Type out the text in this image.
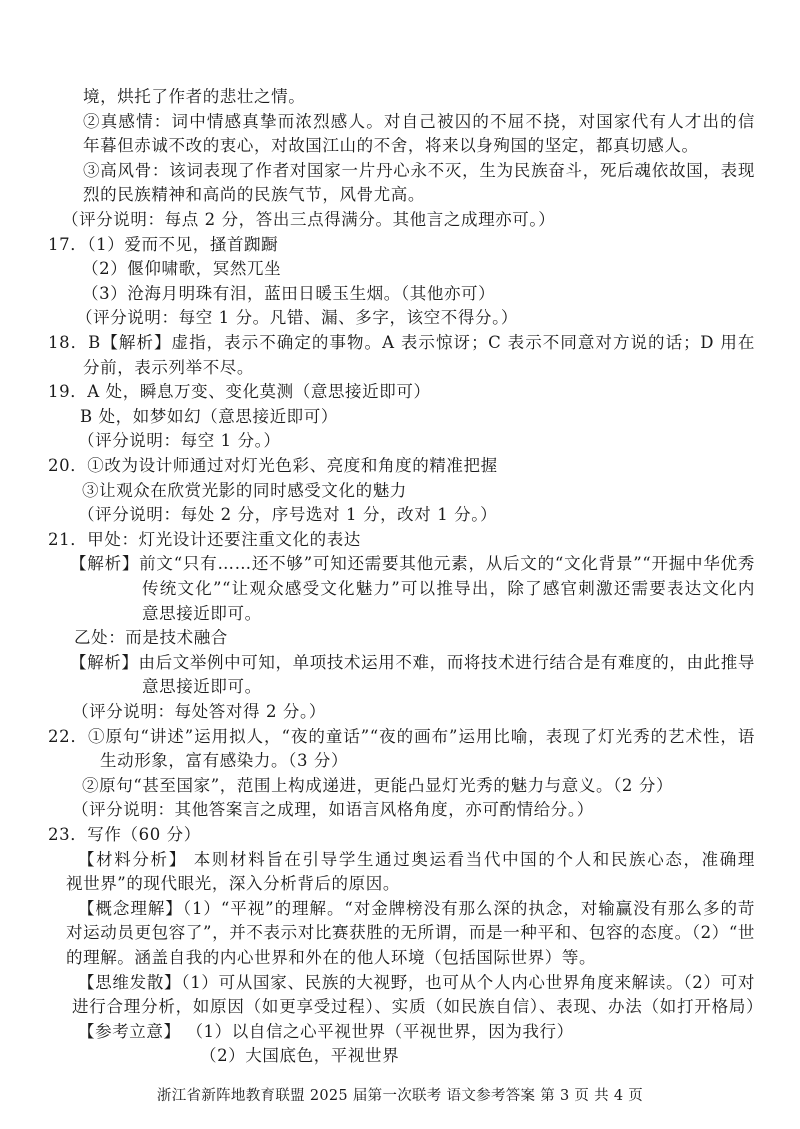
境，烘托了作者的悲壮之情。
②真感情：词中情感真挚而浓烈感人。对自己被囚的不屈不挠，对国家代有人才出的信
年暮但赤诚不改的衷心，对故国江山的不舍，将来以身殉国的坚定，都真切感人。
③高风骨：该词表现了作者对国家一片丹心永不灭，生为民族奋斗，死后魂依故国，表现
烈的民族精神和高尚的民族气节，风骨尤高。
（评分说明：每点 2 分，答出三点得满分。其他言之成理亦可。）
17．（1）爱而不见，搔首踟蹰
（2）偃仰啸歌，冥然兀坐
（3）沧海月明珠有泪，蓝田日暖玉生烟。（其他亦可）
（评分说明：每空 1 分。凡错、漏、多字，该空不得分。）
18．B【解析】虚指，表示不确定的事物。A 表示惊讶；C 表示不同意对方说的话；D 用在
分前，表示列举不尽。
19．A 处，瞬息万变、变化莫测（意思接近即可）
B 处，如梦如幻（意思接近即可）
（评分说明：每空 1 分。）
20．①改为设计师通过对灯光色彩、亮度和角度的精准把握
③让观众在欣赏光影的同时感受文化的魅力
（评分说明：每处 2 分，序号选对 1 分，改对 1 分。）
21．甲处：灯光设计还要注重文化的表达
【解析】前文“只有……还不够”可知还需要其他元素，从后文的“文化背景”“开掘中华优秀
传统文化”“让观众感受文化魅力”可以推导出，除了感官刺激还需要表达文化内
意思接近即可。
乙处：而是技术融合
【解析】由后文举例中可知，单项技术运用不难，而将技术进行结合是有难度的，由此推导
意思接近即可。
（评分说明：每处答对得 2 分。）
22．①原句“讲述”运用拟人，“夜的童话”“夜的画布”运用比喻，表现了灯光秀的艺术性，语
生动形象，富有感染力。（3 分）
②原句“甚至国家”，范围上构成递进，更能凸显灯光秀的魅力与意义。（2 分）
（评分说明：其他答案言之成理，如语言风格角度，亦可酌情给分。）
23．写作（60 分）
【材料分析】 本则材料旨在引导学生通过奥运看当代中国的个人和民族心态，准确理
视世界”的现代眼光，深入分析背后的原因。
【概念理解】（1）“平视”的理解。“对金牌榜没有那么深的执念，对输赢没有那么多的苛
对运动员更包容了”，并不表示对比赛获胜的无所谓，而是一种平和、包容的态度。（2）“世
的理解。涵盖自我的内心世界和外在的他人环境（包括国际世界）等。
【思维发散】（1）可从国家、民族的大视野，也可从个人内心世界角度来解读。（2）可对
进行合理分析，如原因（如更享受过程）、实质（如民族自信）、表现、办法（如打开格局）
【参考立意】 （1）以自信之心平视世界（平视世界，因为我行）
（2）大国底色，平视世界
浙江省新阵地教育联盟 2025 届第一次联考 语文参考答案 第 3 页 共 4 页
